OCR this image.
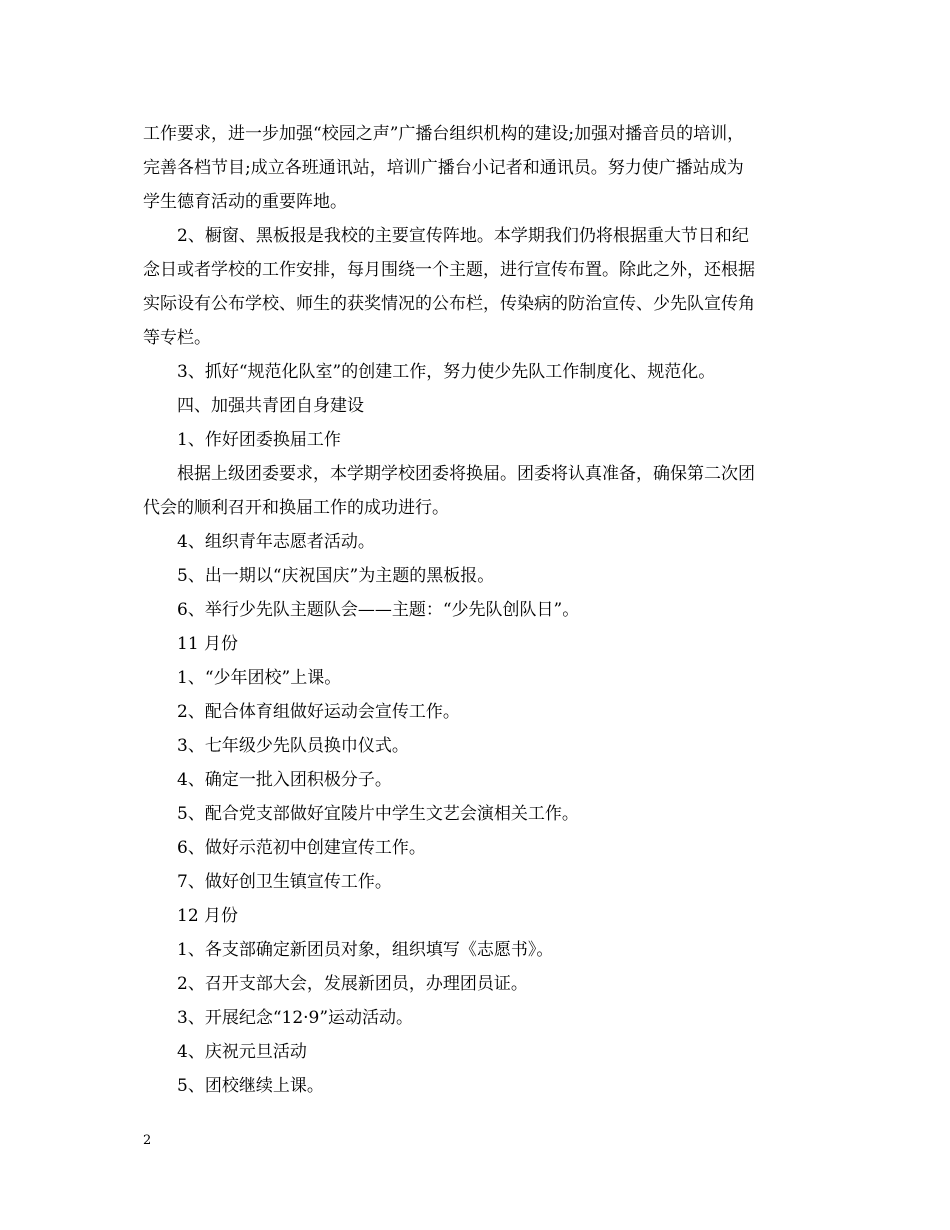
工作要求，进一步加强“校园之声”广播台组织机构的建设;加强对播音员的培训，
完善各档节目;成立各班通讯站，培训广播台小记者和通讯员。努力使广播站成为
学生德育活动的重要阵地。
2、橱窗、黑板报是我校的主要宣传阵地。本学期我们仍将根据重大节日和纪
念日或者学校的工作安排，每月围绕一个主题，进行宣传布置。除此之外，还根据
实际设有公布学校、师生的获奖情况的公布栏，传染病的防治宣传、少先队宣传角
等专栏。
3、抓好“规范化队室”的创建工作，努力使少先队工作制度化、规范化。
四、加强共青团自身建设
1、作好团委换届工作
根据上级团委要求，本学期学校团委将换届。团委将认真准备，确保第二次团
代会的顺利召开和换届工作的成功进行。
4、组织青年志愿者活动。
5、出一期以“庆祝国庆”为主题的黑板报。
6、举行少先队主题队会——主题：“少先队创队日”。
11 月份
1、“少年团校”上课。
2、配合体育组做好运动会宣传工作。
3、七年级少先队员换巾仪式。
4、确定一批入团积极分子。
5、配合党支部做好宜陵片中学生文艺会演相关工作。
6、做好示范初中创建宣传工作。
7、做好创卫生镇宣传工作。
12 月份
1、各支部确定新团员对象，组织填写《志愿书》。
2、召开支部大会，发展新团员，办理团员证。
3、开展纪念“12·9”运动活动。
4、庆祝元旦活动
5、团校继续上课。
2
